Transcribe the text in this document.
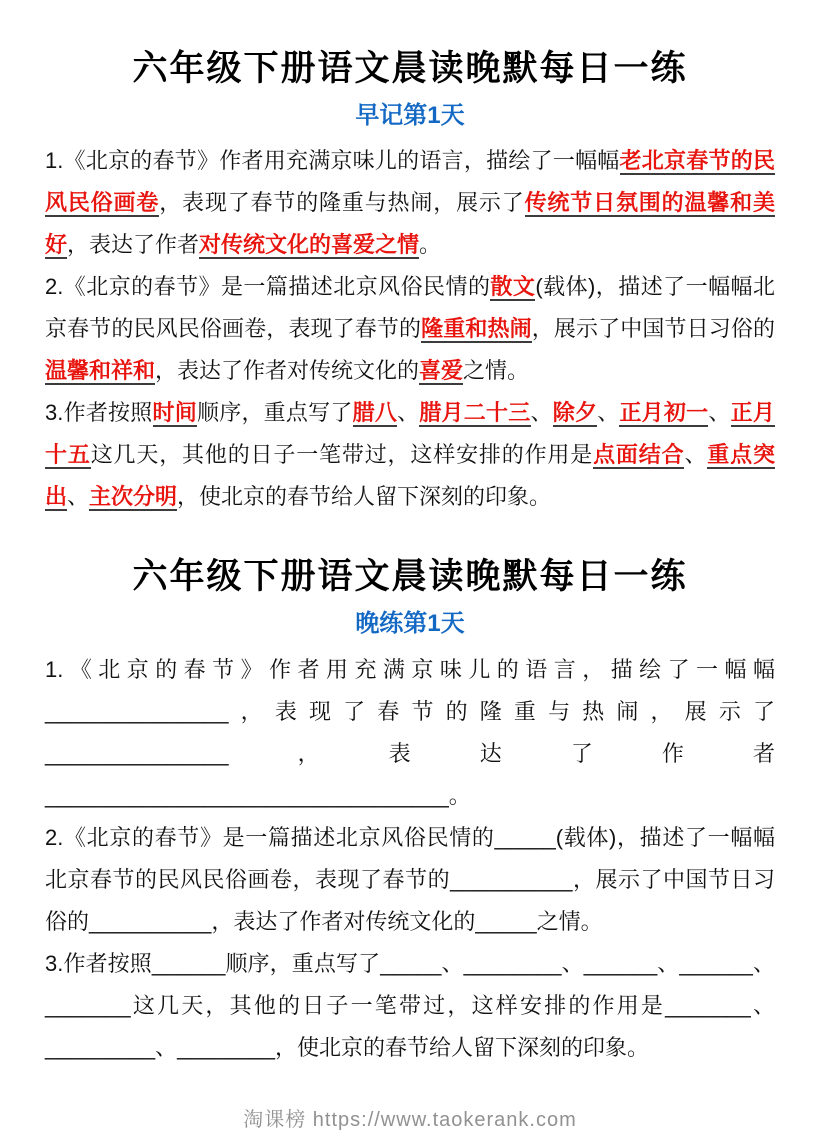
六年级下册语文晨读晚默每日一练
早记第1天
1.《北京的春节》作者用充满京味儿的语言，描绘了一幅幅老北京春节的民风民俗画卷，表现了春节的隆重与热闹，展示了传统节日氛围的温馨和美好，表达了作者对传统文化的喜爱之情。
2.《北京的春节》是一篇描述北京风俗民情的散文(载体)，描述了一幅幅北京春节的民风民俗画卷，表现了春节的隆重和热闹，展示了中国节日习俗的温馨和祥和，表达了作者对传统文化的喜爱之情。
3.作者按照时间顺序，重点写了腊八、腊月二十三、除夕、正月初一、正月十五这几天，其他的日子一笔带过，这样安排的作用是点面结合、重点突出、主次分明，使北京的春节给人留下深刻的印象。
六年级下册语文晨读晚默每日一练
晚练第1天
1.《北京的春节》作者用充满京味儿的语言，描绘了一幅幅_______________，表现了春节的隆重与热闹，展示了_______________，表达了作者_________________________________。
2.《北京的春节》是一篇描述北京风俗民情的_____(载体)，描述了一幅幅北京春节的民风民俗画卷，表现了春节的__________，展示了中国节日习俗的__________，表达了作者对传统文化的_____之情。
3.作者按照______顺序，重点写了_____、________、______、______、_______这几天，其他的日子一笔带过，这样安排的作用是_______、_________、________，使北京的春节给人留下深刻的印象。
淘课榜 https://www.taokerank.com
